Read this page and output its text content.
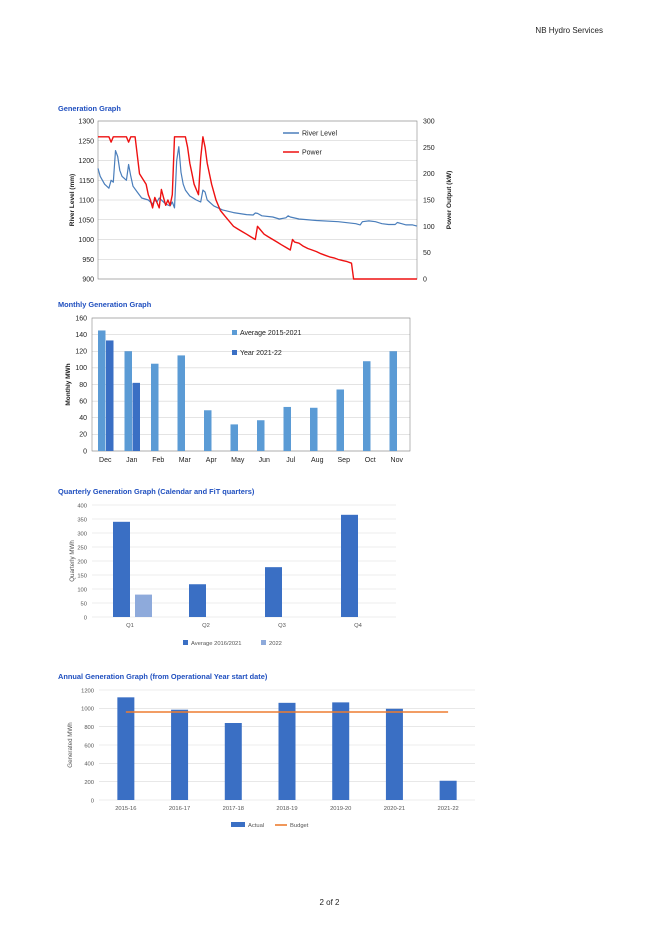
NB Hydro Services
Generation Graph
900
950
1000
1050
1100
1150
1200
1250
1300
0
50
100
150
200
250
300
River Level (mm)	Power Output (kW)
River Level
Power
Monthly Generation Graph
0
20
40
60
80
100
120
140
160
Monthly MWh
Dec Jan Feb Mar Apr May Jun Jul Aug Sep Oct Nov
Average 2015-2021
Year 2021-22
Quarterly Generation Graph (Calendar and FiT quarters)
0
50
100
150
200
250
300
350
400
Quarterly MWh
Q1	Q2	Q3	Q4
Average 2016/2021	2022
Annual Generation Graph (from Operational Year start date)
0
200
400
600
800
1000
1200
Generated MWh
2015-16	2016-17	2017-18	2018-19	2019-20	2020-21	2021-22
Actual	Budget
2 of 2
